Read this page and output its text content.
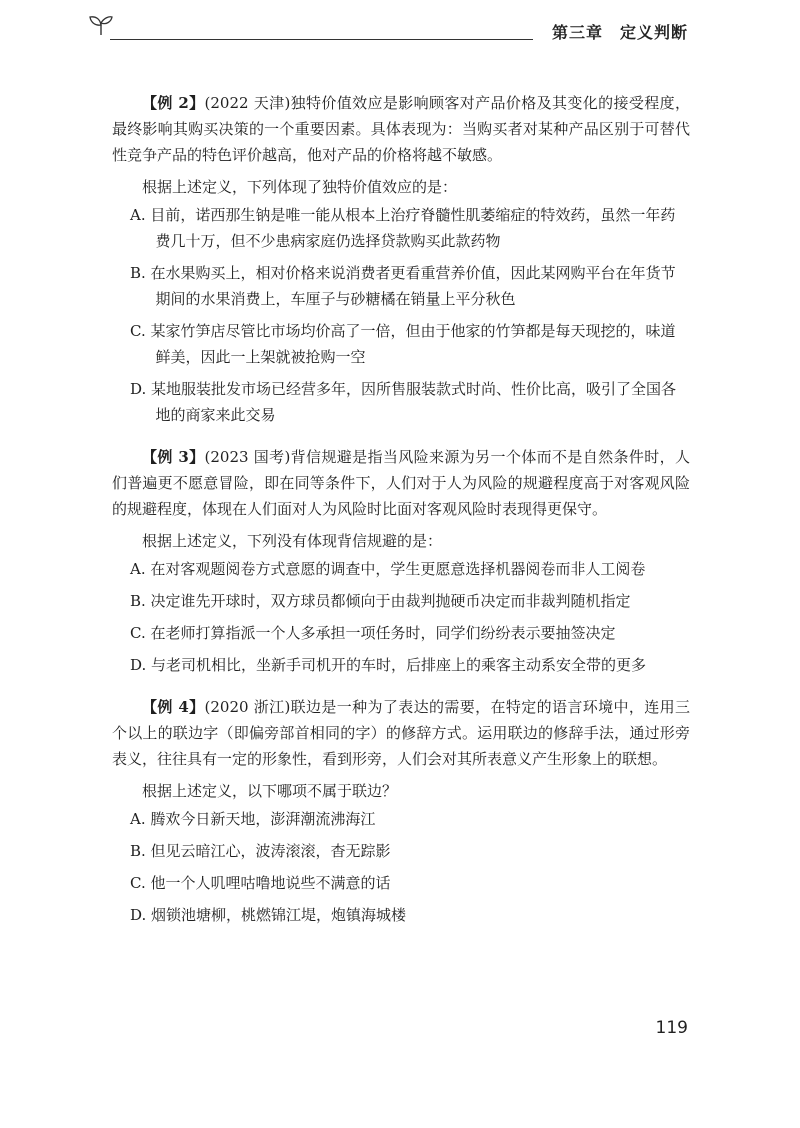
第三章　定义判断

【例 2】(2022 天津)独特价值效应是影响顾客对产品价格及其变化的接受程度，最终影响其购买决策的一个重要因素。具体表现为：当购买者对某种产品区别于可替代性竞争产品的特色评价越高，他对产品的价格将越不敏感。

根据上述定义，下列体现了独特价值效应的是：

A. 目前，诺西那生钠是唯一能从根本上治疗脊髓性肌萎缩症的特效药，虽然一年药费几十万，但不少患病家庭仍选择贷款购买此款药物

B. 在水果购买上，相对价格来说消费者更看重营养价值，因此某网购平台在年货节期间的水果消费上，车厘子与砂糖橘在销量上平分秋色

C. 某家竹笋店尽管比市场均价高了一倍，但由于他家的竹笋都是每天现挖的，味道鲜美，因此一上架就被抢购一空

D. 某地服装批发市场已经营多年，因所售服装款式时尚、性价比高，吸引了全国各地的商家来此交易

【例 3】(2023 国考)背信规避是指当风险来源为另一个体而不是自然条件时，人们普遍更不愿意冒险，即在同等条件下，人们对于人为风险的规避程度高于对客观风险的规避程度，体现在人们面对人为风险时比面对客观风险时表现得更保守。

根据上述定义，下列没有体现背信规避的是：

A. 在对客观题阅卷方式意愿的调查中，学生更愿意选择机器阅卷而非人工阅卷

B. 决定谁先开球时，双方球员都倾向于由裁判抛硬币决定而非裁判随机指定

C. 在老师打算指派一个人多承担一项任务时，同学们纷纷表示要抽签决定

D. 与老司机相比，坐新手司机开的车时，后排座上的乘客主动系安全带的更多

【例 4】(2020 浙江)联边是一种为了表达的需要，在特定的语言环境中，连用三个以上的联边字（即偏旁部首相同的字）的修辞方式。运用联边的修辞手法，通过形旁表义，往往具有一定的形象性，看到形旁，人们会对其所表意义产生形象上的联想。

根据上述定义，以下哪项不属于联边？

A. 腾欢今日新天地，澎湃潮流沸海江

B. 但见云暗江心，波涛滚滚，杳无踪影

C. 他一个人叽哩咕噜地说些不满意的话

D. 烟锁池塘柳，桃燃锦江堤，炮镇海城楼

119
